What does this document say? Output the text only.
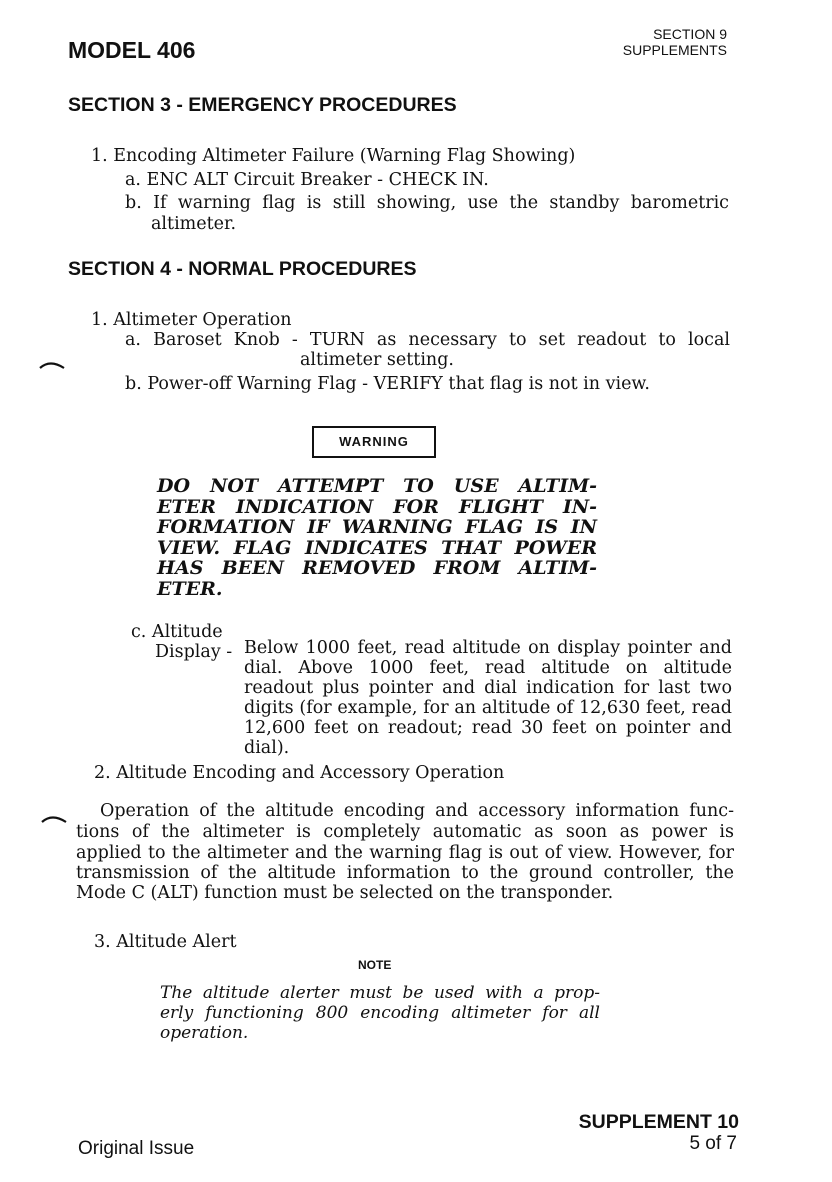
MODEL 406
SECTION 9
SUPPLEMENTS
SECTION 3 - EMERGENCY PROCEDURES
1. Encoding Altimeter Failure (Warning Flag Showing)
a. ENC ALT Circuit Breaker - CHECK IN.
b. If warning flag is still showing, use the standby barometric
altimeter.
SECTION 4 - NORMAL PROCEDURES
1. Altimeter Operation
a. Baroset Knob - TURN as necessary to set readout to local
altimeter setting.
b. Power-off Warning Flag - VERIFY that flag is not in view.
WARNING
DO NOT ATTEMPT TO USE ALTIM-
ETER INDICATION FOR FLIGHT IN-
FORMATION IF WARNING FLAG IS IN
VIEW. FLAG INDICATES THAT POWER
HAS BEEN REMOVED FROM ALTIM-
ETER.
c. Altitude
Display - Below 1000 feet, read altitude on display pointer and
dial. Above 1000 feet, read altitude on altitude
readout plus pointer and dial indication for last two
digits (for example, for an altitude of 12,630 feet, read
12,600 feet on readout; read 30 feet on pointer and
dial).
2. Altitude Encoding and Accessory Operation
Operation of the altitude encoding and accessory information func-
tions of the altimeter is completely automatic as soon as power is
applied to the altimeter and the warning flag is out of view. However, for
transmission of the altitude information to the ground controller, the
Mode C (ALT) function must be selected on the transponder.
3. Altitude Alert
NOTE
The altitude alerter must be used with a prop-
erly functioning 800 encoding altimeter for all
operation.
SUPPLEMENT 10
5 of 7
Original Issue
